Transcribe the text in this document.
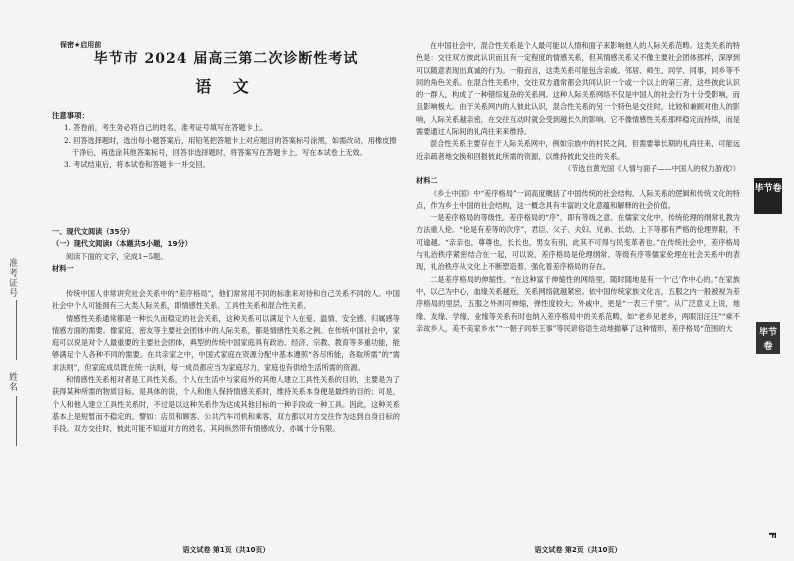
准考证号
姓名
保密★启用前
毕节市 2024 届高三第二次诊断性考试
语 文

注意事项：

1. 答卷前，考生务必将自己的姓名、准考证号填写在答题卡上。

2. 回答选择题时，选出每小题答案后，用铅笔把答题卡上对应题目的答案标号涂黑，如需改动，用橡皮擦干净后，再选涂其他答案标号，回答非选择题时，将答案写在答题卡上，写在本试卷上无效。

3. 考试结束后，将本试卷和答题卡一并交回。

一、现代文阅读（35分）

（一）现代文阅读Ⅰ（本题共5小题，19分）

阅读下面的文字，完成1~5题。

材料一

传统中国人非常讲究社会关系中的“差序格局”，他们常常用不同的标准来对待和自己关系不同的人。中国社会中个人可能拥有三大类人际关系，即情感性关系、工具性关系和混合性关系。

情感性关系通常都是一种长久而稳定的社会关系，这种关系可以满足个人在爱、温情、安全感、归属感等情感方面的需要。像家庭、密友等主要社会团体中的人际关系，都是情感性关系之例。在传统中国社会中，家庭可以说是对个人最重要的主要社会团体，典型的传统中国家庭具有政治、经济、宗教、教育等多重功能，能够满足个人各种不同的需要。在共亲家之中，中国式家庭在资源分配中基本遵照“各尽所能，各取所需”的“需求法则”，但家庭成员既在统一法则，每一成员都应当为家庭尽力，家庭也有供给生活所需的资源。

和情感性关系相对者是工具性关系，个人在生活中与家庭外的其他人建立工具性关系的目的，主要是为了获得某种所需的物质目标。是具体的说，个人和他人保持情感关系时，维持关系本身便是最终的目的；可是，个人和他人建立工具性关系时，不过是以这种关系作为达成其他目标的一种手段或一种工具。因此，这种关系基本上是短暂而不稳定的。譬如：店员和顾客、公共汽车司机和乘客，双方都以对方交往作为达到自身目标的手段。双方交往时，彼此可能不知道对方的姓名，其间纵然带有情感成分，亦属十分有限。

语文试卷 第1页（共10页）

在中国社会中，混合性关系是个人最可能以人情和面子来影响他人的人际关系范畴。这类关系的特色是：交往双方彼此认识而且有一定程度的情感关系，但其情感关系又不像主要社会团体那样，深厚到可以随意表现出真诚的行为。一般而言，这类关系可能包含亲戚、邻居、师生、同学、同事，同乡等不同的角色关系。在混合性关系中，交往双方通常都会共同认识一个或一个以上的第三者，这些彼此认识的一群人，构成了一种错综复杂的关系网。这种人际关系网络不仅是中国人的社会行为十分受影响，而且影响极大。由于关系网内的人彼此认识，混合性关系的另一个特色是交往时，比较和兼顾对他人的影响，人际关系越亲密，在交往互动时就会受到越长久的影响。它不像情感性关系那样稳定而持续，而是需要通过人际间的礼尚往来来维持。

混合性关系主要存在于人际关系网中，例如宗族中的村民之间，但需要靠长期的礼尚往来，可能远近亲疏者地交换和回报彼此所需的资源，以维持彼此交往的关系。

（节选自黄光国《人情与面子——中国人的权力游戏》）

材料二

《乡土中国》中“差序格局”一词高度概括了中国传统的社会结构、人际关系的逻辑和传统文化的特点，作为乡土中国的社会结构，这一概念具有丰富的文化意蕴和解释的社会价值。

一是差序格局的等级性。差序格局的“序”，即有等级之意。在儒家文化中，传统伦理的纲常礼教为方法重人伦。“伦是有差等的次序”，君臣、父子、夫妇、兄弟、长幼、上下等都有严格的伦理界限，不可逾越。“亲亲也，尊尊也，长长也，男女有别，此其不可得与民变革者也。”在传统社会中，差序格局与礼治秩序紧密结合在一起，可以说，差序格局是伦理纲常、等级有序等儒家伦理在社会关系中的表现，礼治秩序从文化上不断塑造着、强化着差序格局的存在。

二是差序格局的伸缩性。“在这种富于伸缩性的网络里，随时随地是有一个‘己’作中心的。”在家族中，以己为中心，血缘关系越近，关系网络就越紧密。依中国传统家族文化言，五服之内一般被视为差序格局的里层，五服之外则可伸缩，弹性度较大；外戚中，更是“一表三千里”。从广泛意义上说，地缘、友缘、学缘、业缘等关系有时也纳入差序格局中的关系范畴，如“老乡见老乡，两眼泪汪汪”“乘不亲故乡人，美不美家乡水”“一朝子同举王事”等民谚俗语生动地描摹了这种情形，差序格局“范围的大

语文试卷 第2页（共10页）
毕节卷
毕节卷
F
